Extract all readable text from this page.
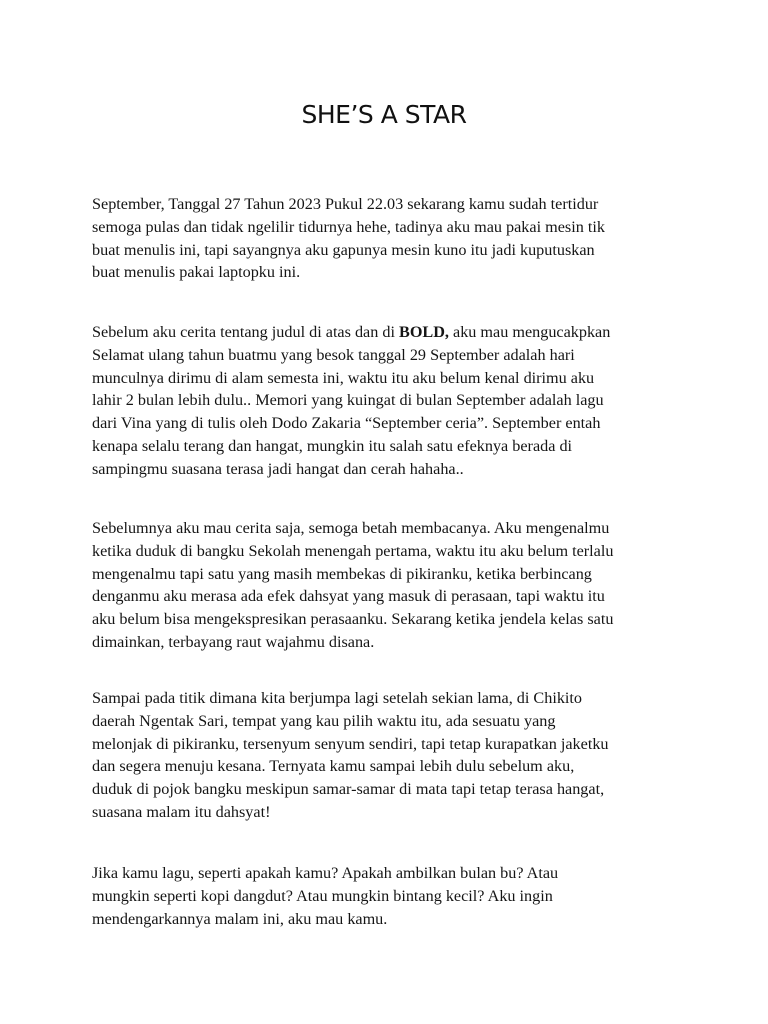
SHE’S A STAR

September, Tanggal 27 Tahun 2023 Pukul 22.03 sekarang kamu sudah tertidur
semoga pulas dan tidak ngelilir tidurnya hehe, tadinya aku mau pakai mesin tik
buat menulis ini, tapi sayangnya aku gapunya mesin kuno itu jadi kuputuskan
buat menulis pakai laptopku ini.

Sebelum aku cerita tentang judul di atas dan di BOLD, aku mau mengucakpkan
Selamat ulang tahun buatmu yang besok tanggal 29 September adalah hari
munculnya dirimu di alam semesta ini, waktu itu aku belum kenal dirimu aku
lahir 2 bulan lebih dulu.. Memori yang kuingat di bulan September adalah lagu
dari Vina yang di tulis oleh Dodo Zakaria “September ceria”. September entah
kenapa selalu terang dan hangat, mungkin itu salah satu efeknya berada di
sampingmu suasana terasa jadi hangat dan cerah hahaha..

Sebelumnya aku mau cerita saja, semoga betah membacanya. Aku mengenalmu
ketika duduk di bangku Sekolah menengah pertama, waktu itu aku belum terlalu
mengenalmu tapi satu yang masih membekas di pikiranku, ketika berbincang
denganmu aku merasa ada efek dahsyat yang masuk di perasaan, tapi waktu itu
aku belum bisa mengekspresikan perasaanku. Sekarang ketika jendela kelas satu
dimainkan, terbayang raut wajahmu disana.

Sampai pada titik dimana kita berjumpa lagi setelah sekian lama, di Chikito
daerah Ngentak Sari, tempat yang kau pilih waktu itu, ada sesuatu yang
melonjak di pikiranku, tersenyum senyum sendiri, tapi tetap kurapatkan jaketku
dan segera menuju kesana. Ternyata kamu sampai lebih dulu sebelum aku,
duduk di pojok bangku meskipun samar-samar di mata tapi tetap terasa hangat,
suasana malam itu dahsyat!

Jika kamu lagu, seperti apakah kamu? Apakah ambilkan bulan bu? Atau
mungkin seperti kopi dangdut? Atau mungkin bintang kecil? Aku ingin
mendengarkannya malam ini, aku mau kamu.
